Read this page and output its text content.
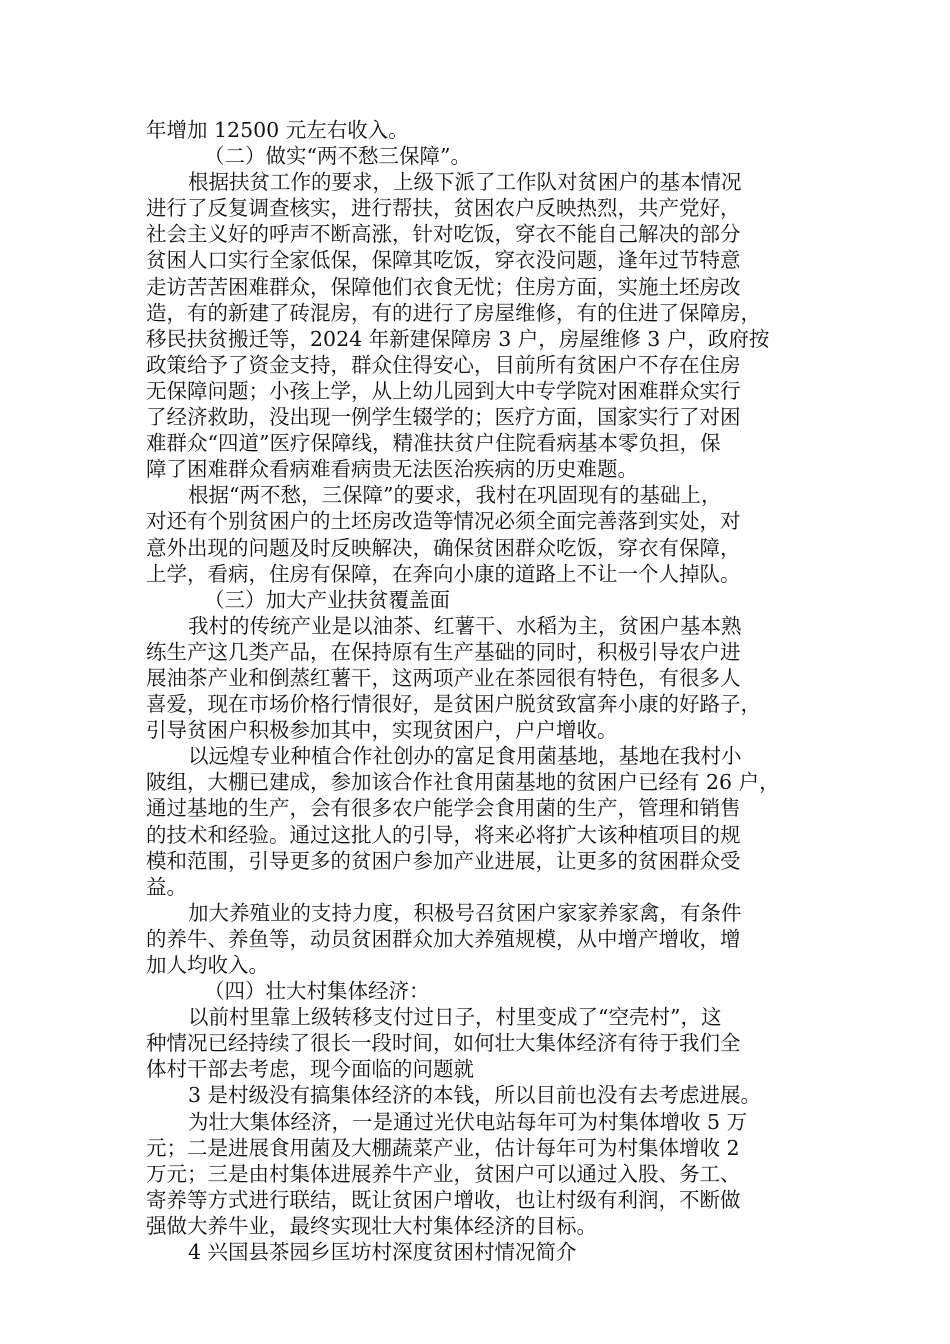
年增加 12500 元左右收入。

（二）做实“两不愁三保障”。

根据扶贫工作的要求，上级下派了工作队对贫困户的基本情况

进行了反复调查核实，进行帮扶，贫困农户反映热烈，共产党好，

社会主义好的呼声不断高涨，针对吃饭，穿衣不能自己解决的部分

贫困人口实行全家低保，保障其吃饭，穿衣没问题，逢年过节特意

走访苦苦困难群众，保障他们衣食无忧；住房方面，实施土坯房改

造，有的新建了砖混房，有的进行了房屋维修，有的住进了保障房，

移民扶贫搬迁等，2024 年新建保障房 3 户，房屋维修 3 户，政府按

政策给予了资金支持，群众住得安心，目前所有贫困户不存在住房

无保障问题；小孩上学，从上幼儿园到大中专学院对困难群众实行

了经济救助，没出现一例学生辍学的；医疗方面，国家实行了对困

难群众“四道”医疗保障线，精准扶贫户住院看病基本零负担，保

障了困难群众看病难看病贵无法医治疾病的历史难题。

根据“两不愁，三保障”的要求，我村在巩固现有的基础上，

对还有个别贫困户的土坯房改造等情况必须全面完善落到实处，对

意外出现的问题及时反映解决，确保贫困群众吃饭，穿衣有保障，

上学，看病，住房有保障，在奔向小康的道路上不让一个人掉队。

（三）加大产业扶贫覆盖面

我村的传统产业是以油茶、红薯干、水稻为主，贫困户基本熟

练生产这几类产品，在保持原有生产基础的同时，积极引导农户进

展油茶产业和倒蒸红薯干，这两项产业在茶园很有特色，有很多人

喜爱，现在市场价格行情很好，是贫困户脱贫致富奔小康的好路子，

引导贫困户积极参加其中，实现贫困户，户户增收。

以远煌专业种植合作社创办的富足食用菌基地，基地在我村小

陂组，大棚已建成，参加该合作社食用菌基地的贫困户已经有 26 户，

通过基地的生产，会有很多农户能学会食用菌的生产，管理和销售

的技术和经验。通过这批人的引导，将来必将扩大该种植项目的规

模和范围，引导更多的贫困户参加产业进展，让更多的贫困群众受

益。

加大养殖业的支持力度，积极号召贫困户家家养家禽，有条件

的养牛、养鱼等，动员贫困群众加大养殖规模，从中增产增收，增

加人均收入。

（四）壮大村集体经济：

以前村里靠上级转移支付过日子，村里变成了“空壳村”，这

种情况已经持续了很长一段时间，如何壮大集体经济有待于我们全

体村干部去考虑，现今面临的问题就

3 是村级没有搞集体经济的本钱，所以目前也没有去考虑进展。

为壮大集体经济，一是通过光伏电站每年可为村集体增收 5 万

元；二是进展食用菌及大棚蔬菜产业，估计每年可为村集体增收 2

万元；三是由村集体进展养牛产业，贫困户可以通过入股、务工、

寄养等方式进行联结，既让贫困户增收，也让村级有利润，不断做

强做大养牛业，最终实现壮大村集体经济的目标。

4 兴国县茶园乡匡坊村深度贫困村情况简介
